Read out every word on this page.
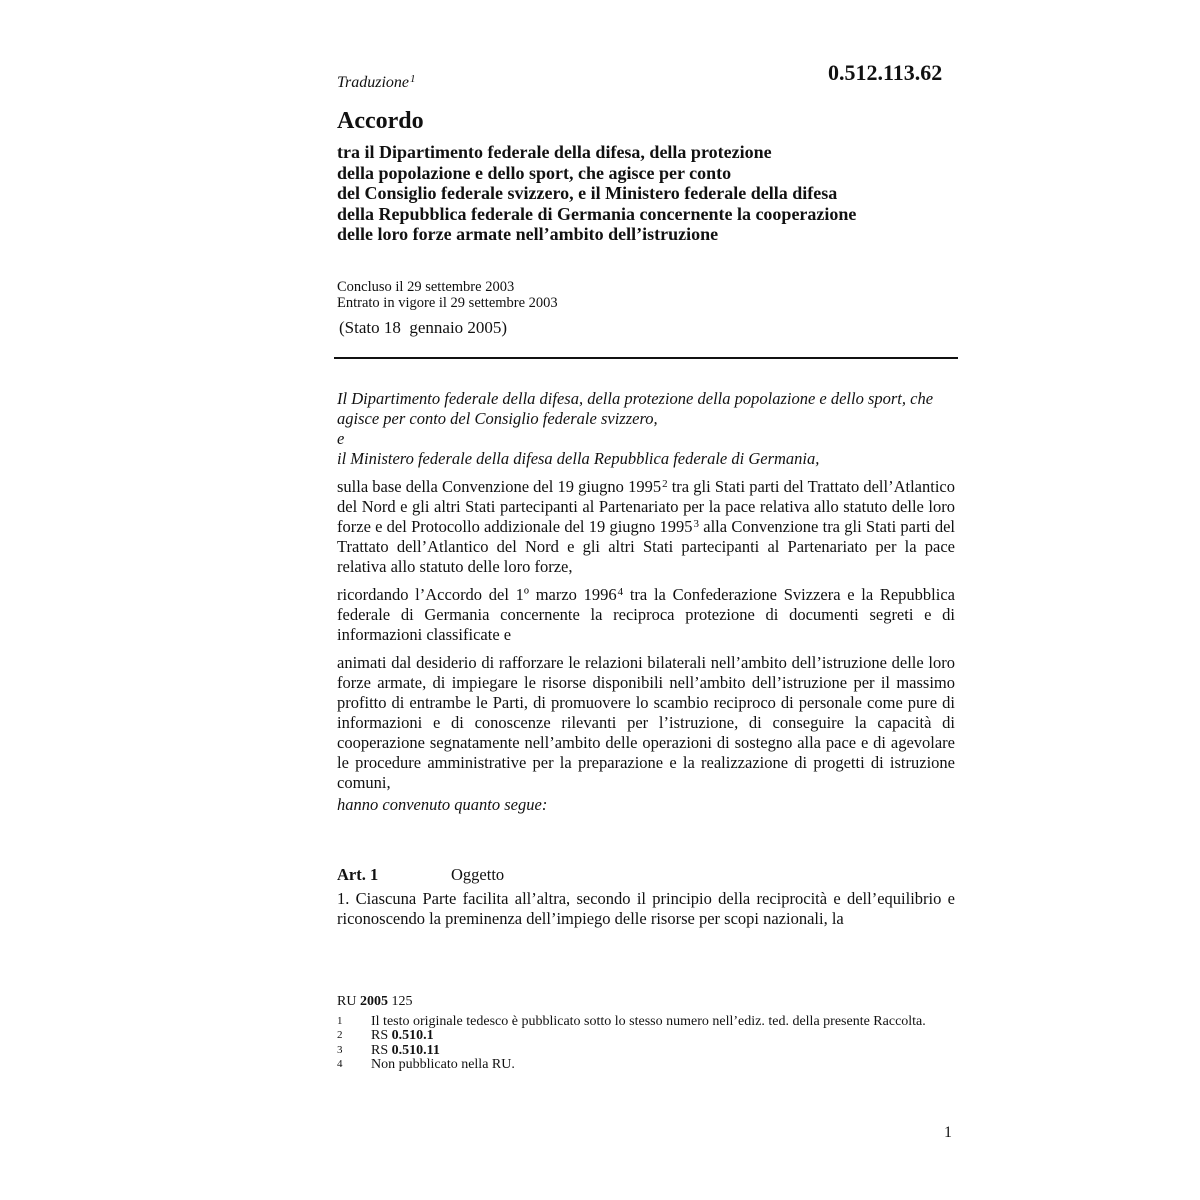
Traduzione$^1$	0.512.113.62
Accordo
tra il Dipartimento federale della difesa, della protezione
della popolazione e dello sport, che agisce per conto
del Consiglio federale svizzero, e il Ministero federale della difesa
della Repubblica federale di Germania concernente la cooperazione
delle loro forze armate nell’ambito dell’istruzione
Concluso il 29 settembre 2003
Entrato in vigore il 29 settembre 2003
(Stato 18  gennaio 2005)
Il Dipartimento federale della difesa, della protezione della popolazione e dello sport, che agisce per conto del Consiglio federale svizzero,
e
il Ministero federale della difesa della Repubblica federale di Germania,
sulla base della Convenzione del 19 giugno 1995$^2$ tra gli Stati parti del Trattato dell’Atlantico del Nord e gli altri Stati partecipanti al Partenariato per la pace relativa allo statuto delle loro forze e del Protocollo addizionale del 19 giugno 1995$^3$ alla Convenzione tra gli Stati parti del Trattato dell’Atlantico del Nord e gli altri Stati partecipanti al Partenariato per la pace relativa allo statuto delle loro forze,
ricordando l’Accordo del 1º marzo 1996$^4$ tra la Confederazione Svizzera e la Repubblica federale di Germania concernente la reciproca protezione di documenti segreti e di informazioni classificate e
animati dal desiderio di rafforzare le relazioni bilaterali nell’ambito dell’istruzione delle loro forze armate, di impiegare le risorse disponibili nell’ambito dell’istruzione per il massimo profitto di entrambe le Parti, di promuovere lo scambio reciproco di personale come pure di informazioni e di conoscenze rilevanti per l’istruzione, di conseguire la capacità di cooperazione segnatamente nell’ambito delle operazioni di sostegno alla pace e di agevolare le procedure amministrative per la preparazione e la realizzazione di progetti di istruzione comuni,
hanno convenuto quanto segue:
Art. 1	Oggetto
1. Ciascuna Parte facilita all’altra, secondo il principio della reciprocità e dell’equilibrio e riconoscendo la preminenza dell’impiego delle risorse per scopi nazionali, la
RU 2005 125
1	Il testo originale tedesco è pubblicato sotto lo stesso numero nell’ediz. ted. della presente Raccolta.
2	RS 0.510.1
3	RS 0.510.11
4	Non pubblicato nella RU.
1
